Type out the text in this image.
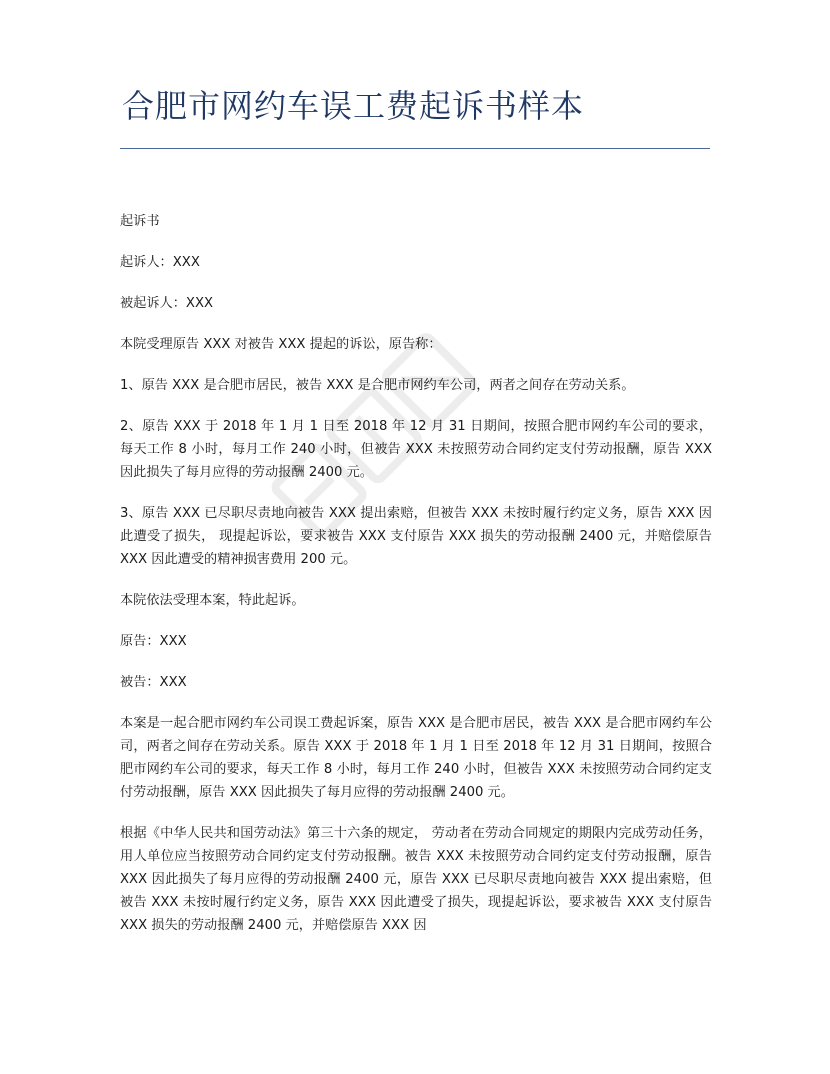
合肥市网约车误工费起诉书样本

起诉书

起诉人：XXX

被起诉人：XXX

本院受理原告 XXX 对被告 XXX 提起的诉讼，原告称：

1、原告 XXX 是合肥市居民，被告 XXX 是合肥市网约车公司，两者之间存在劳动关系。

2、原告 XXX 于 2018 年 1 月 1 日至 2018 年 12 月 31 日期间，按照合肥市网约车公司的要求，每天工作 8 小时，每月工作 240 小时，但被告 XXX 未按照劳动合同约定支付劳动报酬，原告 XXX 因此损失了每月应得的劳动报酬 2400 元。

3、原告 XXX 已尽职尽责地向被告 XXX 提出索赔，但被告 XXX 未按时履行约定义务，原告 XXX 因此遭受了损失， 现提起诉讼，要求被告 XXX 支付原告 XXX 损失的劳动报酬 2400 元，并赔偿原告 XXX 因此遭受的精神损害费用 200 元。

本院依法受理本案，特此起诉。

原告：XXX

被告：XXX

本案是一起合肥市网约车公司误工费起诉案，原告 XXX 是合肥市居民，被告 XXX 是合肥市网约车公司，两者之间存在劳动关系。原告 XXX 于 2018 年 1 月 1 日至 2018 年 12 月 31 日期间，按照合肥市网约车公司的要求，每天工作 8 小时，每月工作 240 小时，但被告 XXX 未按照劳动合同约定支付劳动报酬，原告 XXX 因此损失了每月应得的劳动报酬 2400 元。

根据《中华人民共和国劳动法》第三十六条的规定， 劳动者在劳动合同规定的期限内完成劳动任务，用人单位应当按照劳动合同约定支付劳动报酬。被告 XXX 未按照劳动合同约定支付劳动报酬，原告 XXX 因此损失了每月应得的劳动报酬 2400 元，原告 XXX 已尽职尽责地向被告 XXX 提出索赔，但被告 XXX 未按时履行约定义务，原告 XXX 因此遭受了损失，现提起诉讼，要求被告 XXX 支付原告 XXX 损失的劳动报酬 2400 元，并赔偿原告 XXX 因
